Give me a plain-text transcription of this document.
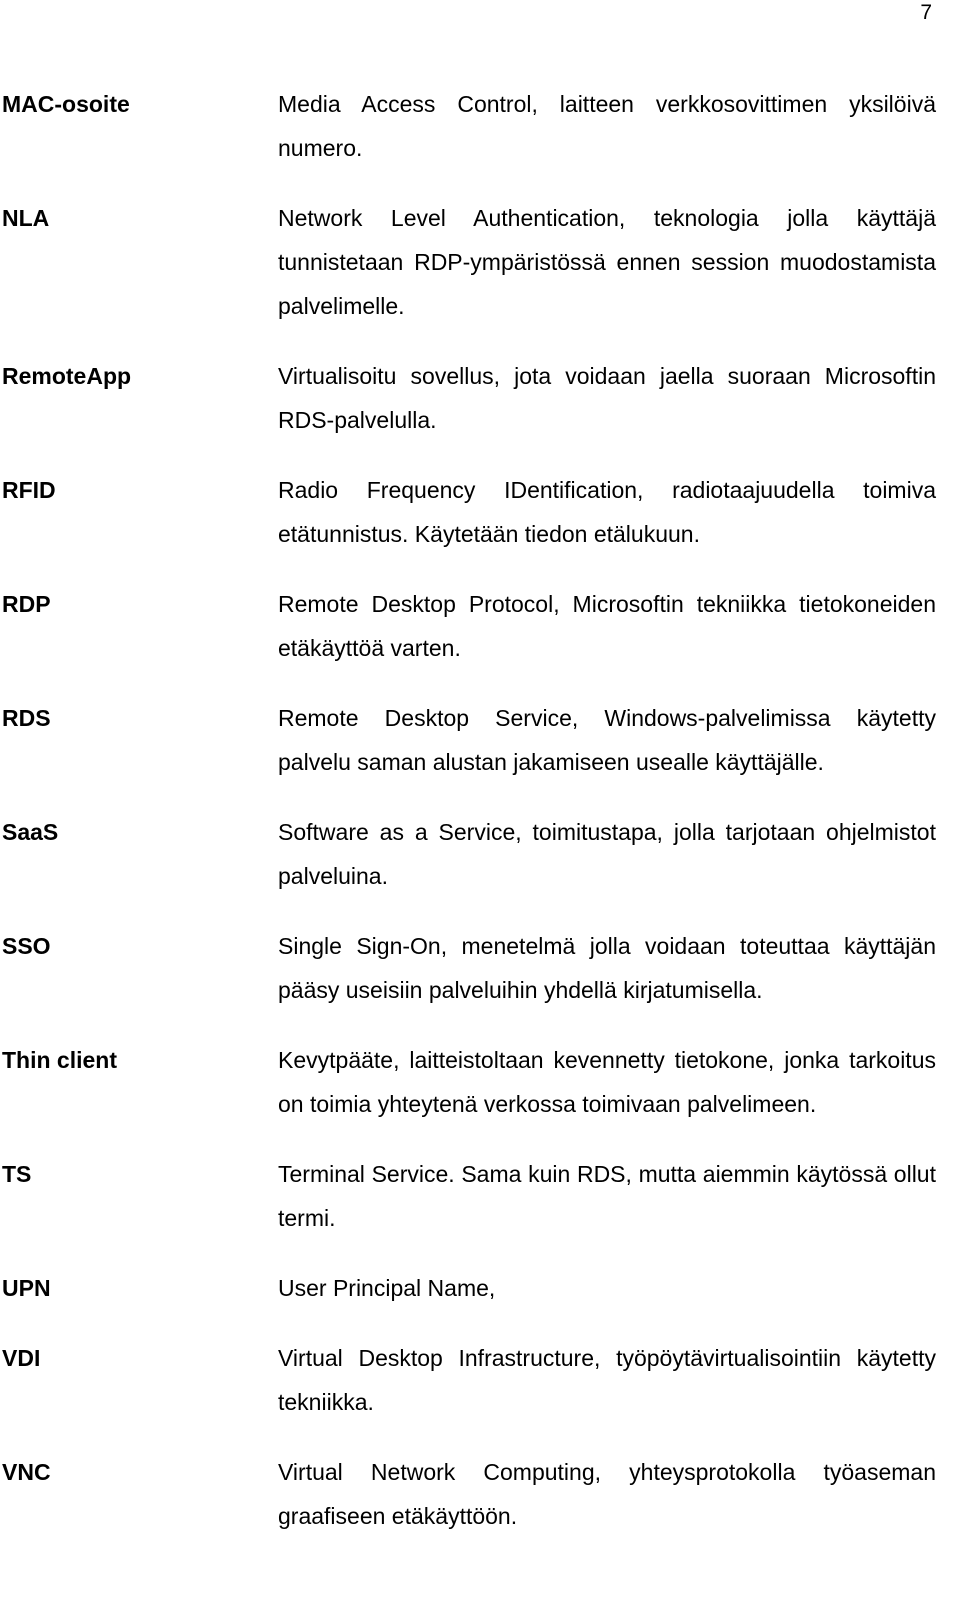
7
MAC-osoite	Media Access Control, laitteen verkkosovittimen yksilöivä numero.
NLA	Network Level Authentication, teknologia jolla käyttäjä tunnistetaan RDP-ympäristössä ennen session muodostamista palvelimelle.
RemoteApp	Virtualisoitu sovellus, jota voidaan jaella suoraan Microsoftin RDS-palvelulla.
RFID	Radio Frequency IDentification, radiotaajuudella toimiva etätunnistus. Käytetään tiedon etälukuun.
RDP	Remote Desktop Protocol, Microsoftin tekniikka tietokoneiden etäkäyttöä varten.
RDS	Remote Desktop Service, Windows-palvelimissa käytetty palvelu saman alustan jakamiseen usealle käyttäjälle.
SaaS	Software as a Service, toimitustapa, jolla tarjotaan ohjelmistot palveluina.
SSO	Single Sign-On, menetelmä jolla voidaan toteuttaa käyttäjän pääsy useisiin palveluihin yhdellä kirjatumisella.
Thin client	Kevytpääte, laitteistoltaan kevennetty tietokone, jonka tarkoitus on toimia yhteytenä verkossa toimivaan palvelimeen.
TS	Terminal Service. Sama kuin RDS, mutta aiemmin käytössä ollut termi.
UPN	User Principal Name,
VDI	Virtual Desktop Infrastructure, työpöytävirtualisointiin käytetty tekniikka.
VNC	Virtual Network Computing, yhteysprotokolla työaseman graafiseen etäkäyttöön.
